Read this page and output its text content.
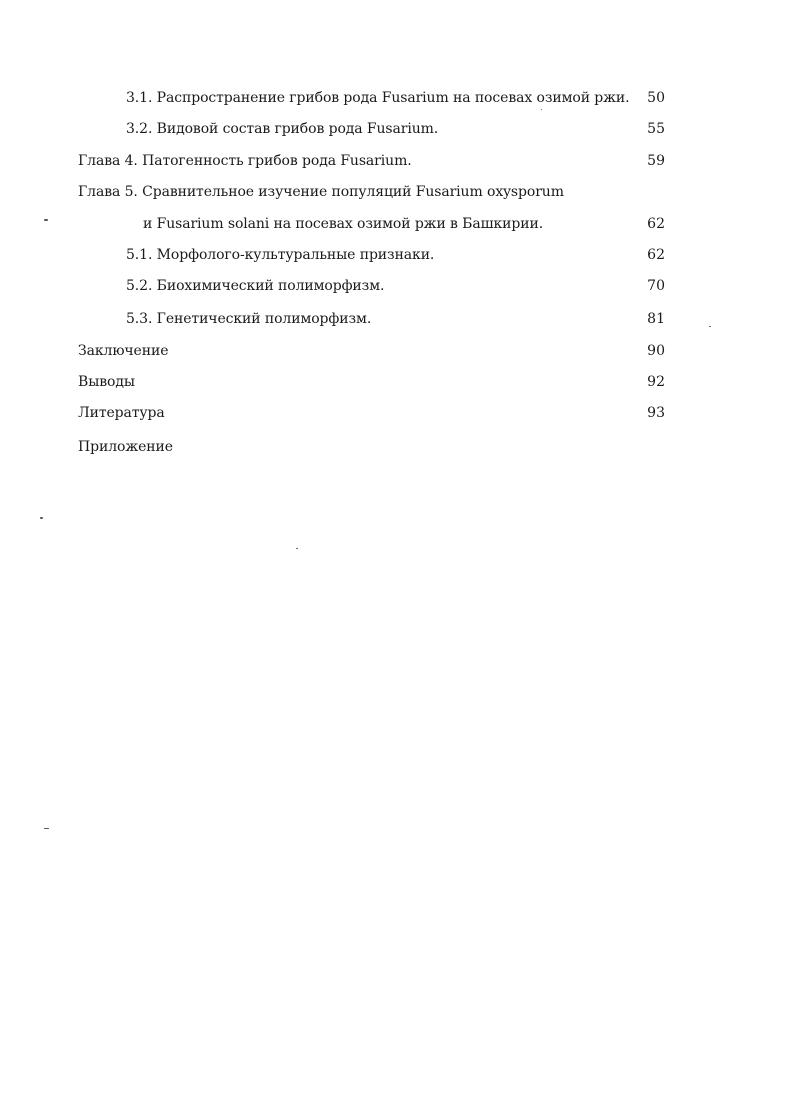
3.1. Распространение грибов рода Fusarium на посевах озимой ржи.	50
3.2. Видовой состав грибов рода Fusarium.	55
Глава 4. Патогенность грибов рода Fusarium.	59
Глава 5. Сравнительное изучение популяций Fusarium oxysporum
и Fusarium solani на посевах озимой ржи в Башкирии.	62
5.1. Морфолого-культуральные признаки.	62
5.2. Биохимический полиморфизм.	70
5.3. Генетический полиморфизм.	81
Заключение	90
Выводы	92
Литература	93
Приложение
